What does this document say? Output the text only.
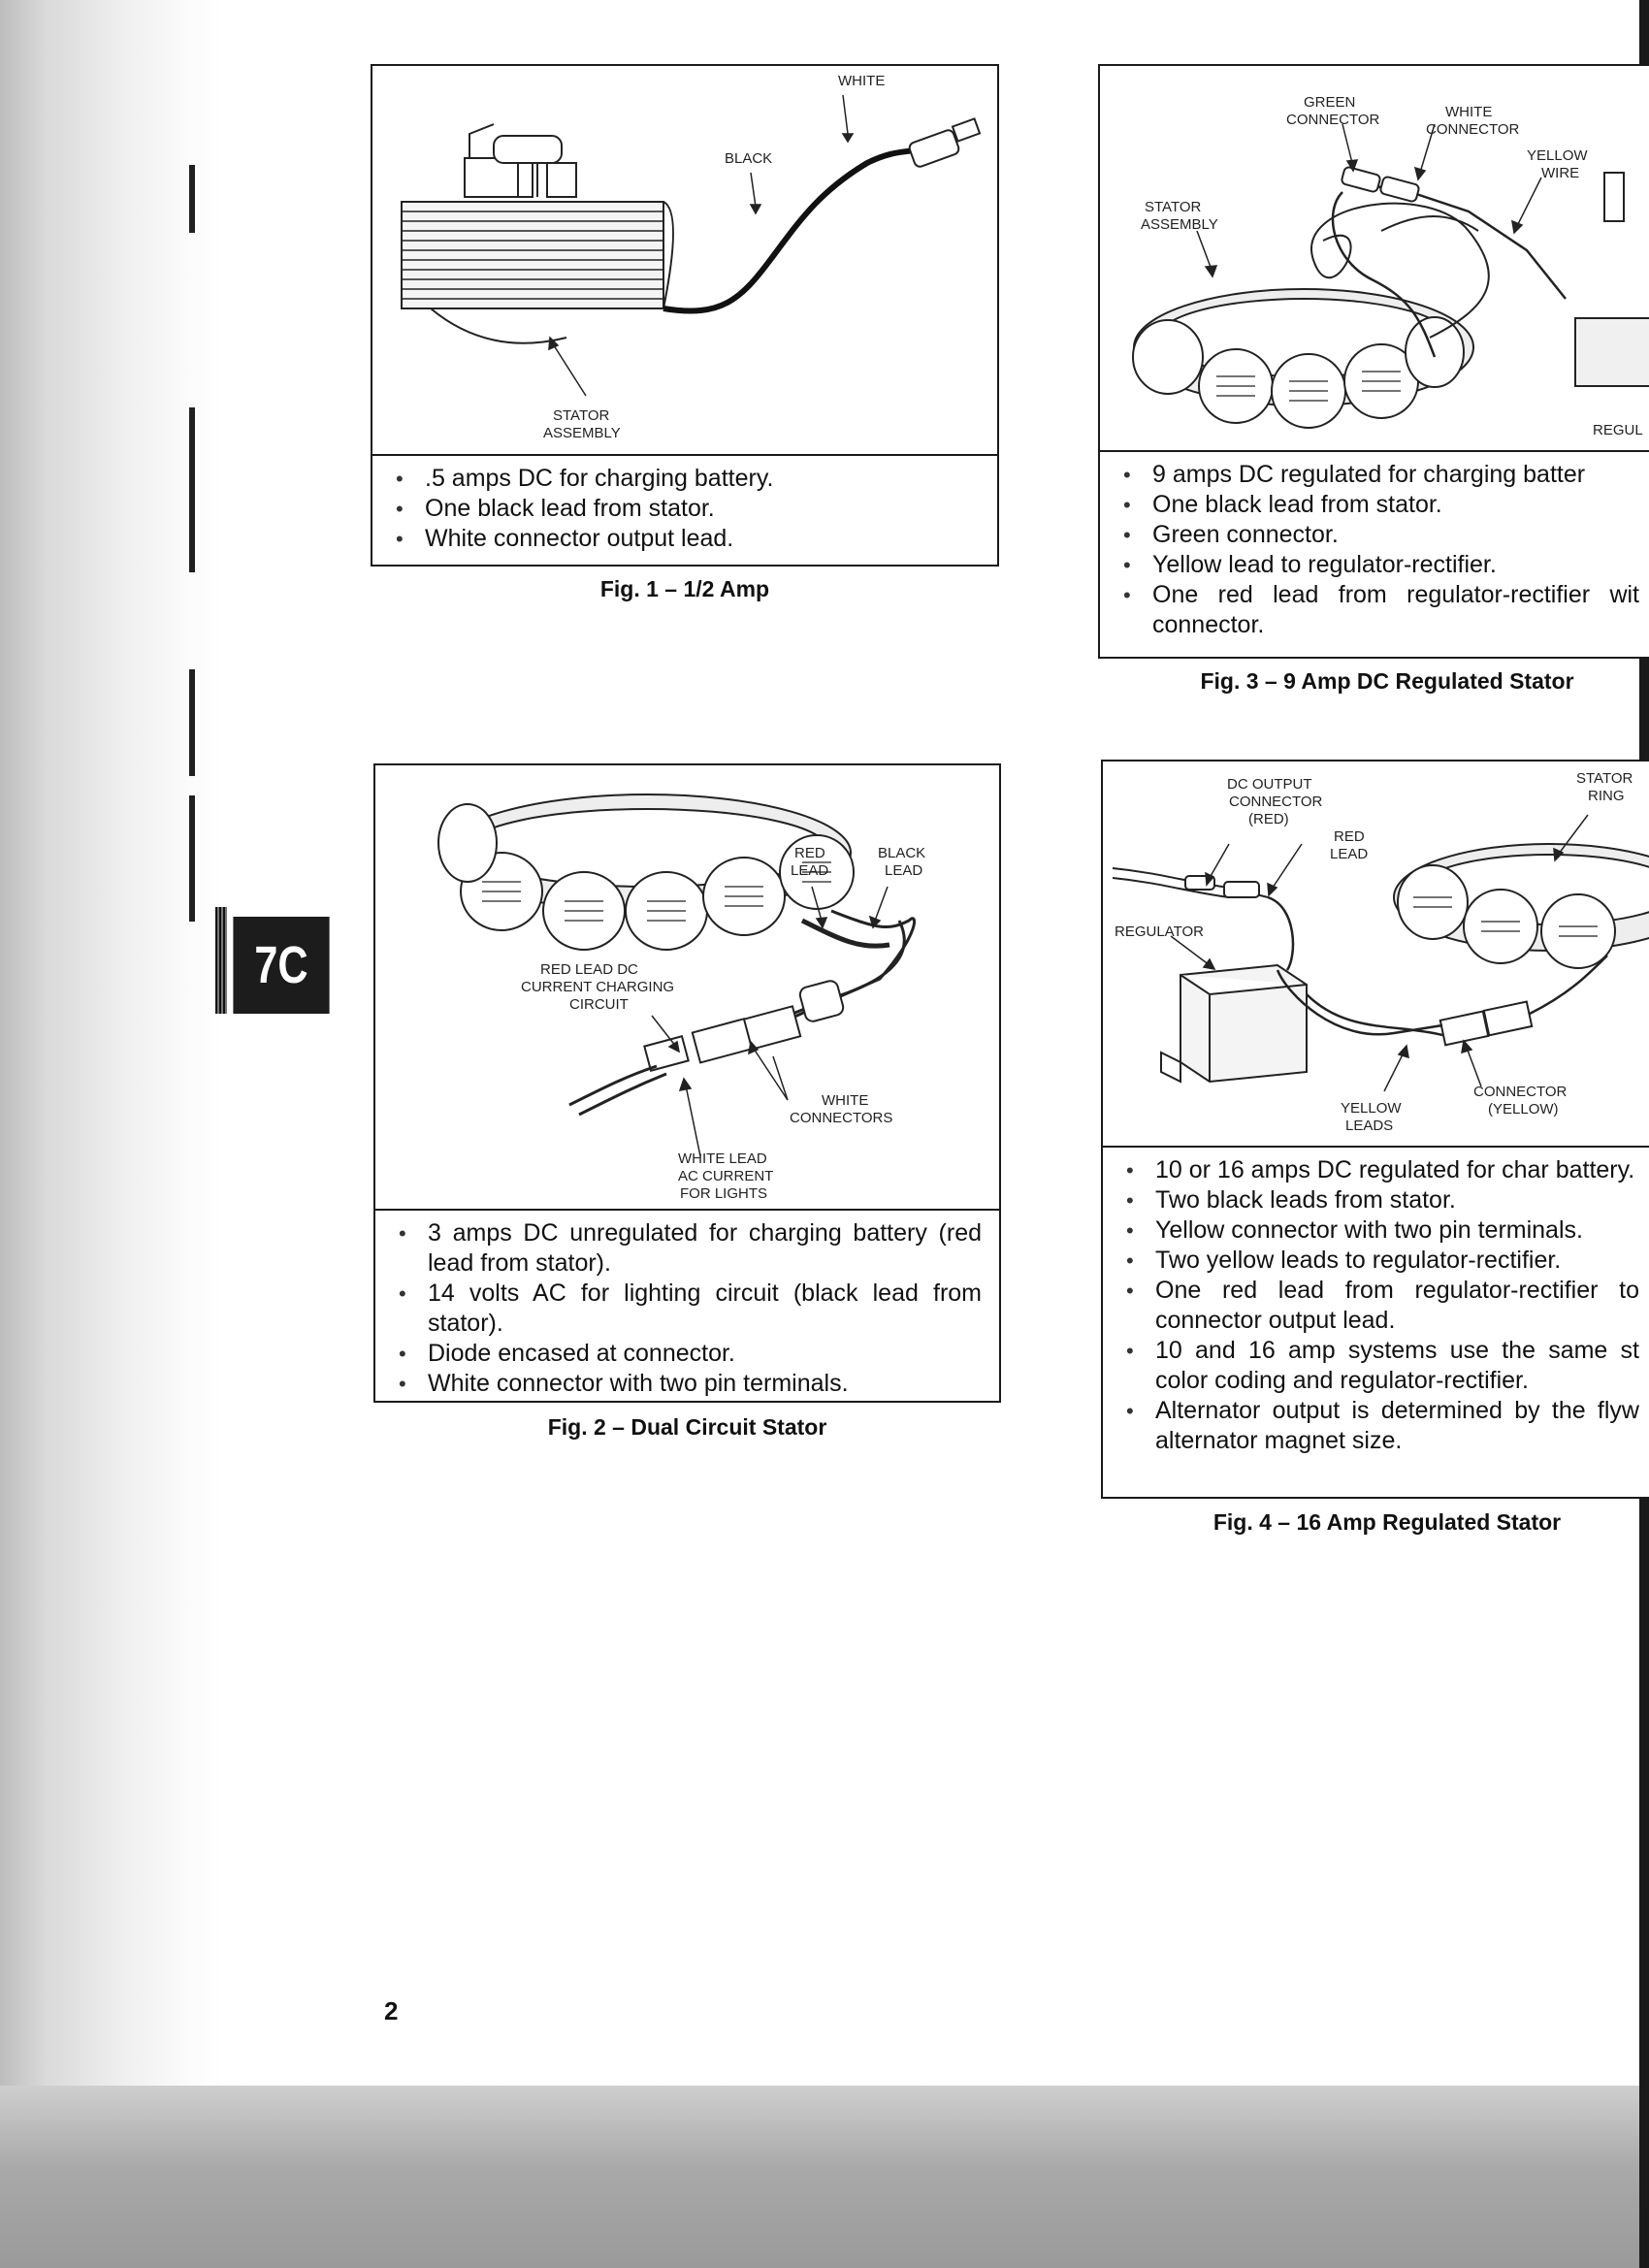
7C
WHITE
BLACK
STATOR
ASSEMBLY
• .5 amps DC for charging battery.
• One black lead from stator.
• White connector output lead.
Fig. 1 – 1/2 Amp
RED
LEAD
BLACK
LEAD
RED LEAD DC
CURRENT CHARGING
CIRCUIT
WHITE
CONNECTORS
WHITE LEAD
AC CURRENT
FOR LIGHTS
• 3 amps DC unregulated for charging battery (red lead from stator).
• 14 volts AC for lighting circuit (black lead from stator).
• Diode encased at connector.
• White connector with two pin terminals.
Fig. 2 – Dual Circuit Stator
GREEN
CONNECTOR	WHITE
CONNECTOR
YELLOW
WIRE
STATOR
ASSEMBLY
REGUL
• 9 amps DC regulated for charging batter
• One black lead from stator.
• Green connector.
• Yellow lead to regulator-rectifier.
• One red lead from regulator-rectifier wit connector.
Fig. 3 – 9 Amp DC Regulated Stator
DC OUTPUT
CONNECTOR
(RED)
RED
LEAD
STATOR
RING
REGULATOR
YELLOW
LEADS
CONNECTOR
(YELLOW)
• 10 or 16 amps DC regulated for char battery.
• Two black leads from stator.
• Yellow connector with two pin terminals.
• Two yellow leads to regulator-rectifier.
• One red lead from regulator-rectifier to connector output lead.
• 10 and 16 amp systems use the same st color coding and regulator-rectifier.
• Alternator output is determined by the flyw alternator magnet size.
Fig. 4 – 16 Amp Regulated Stator
2
